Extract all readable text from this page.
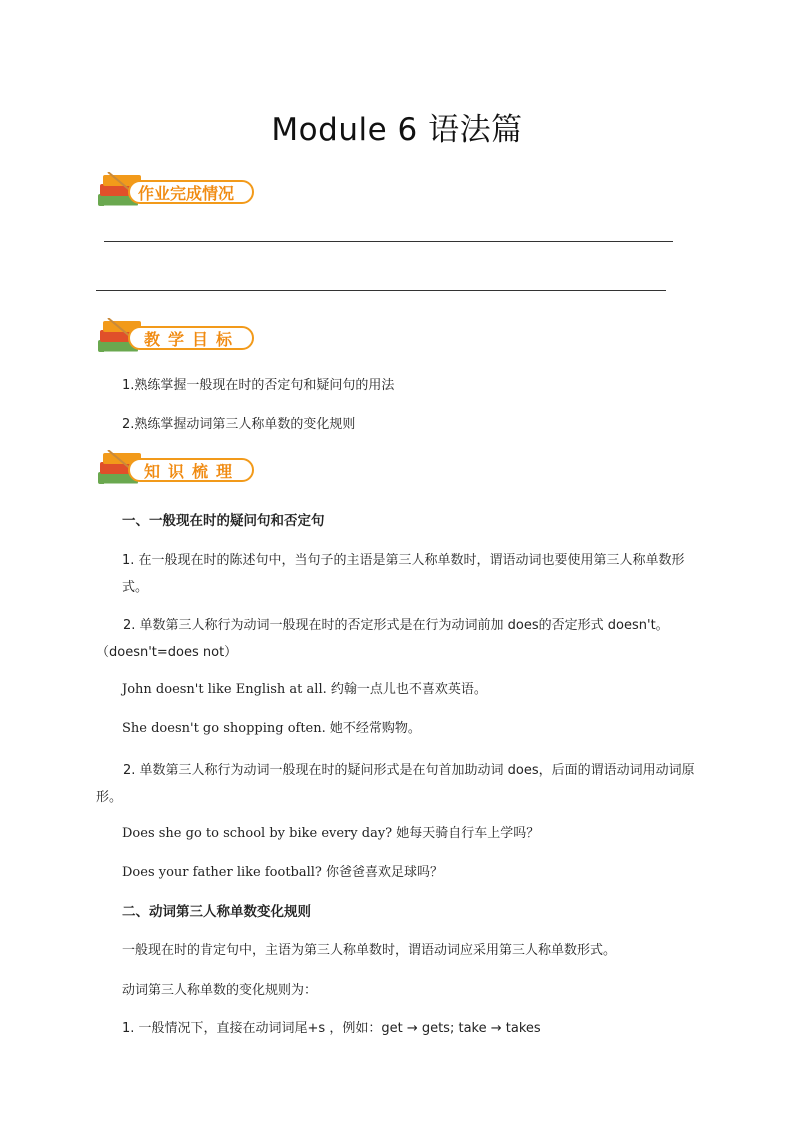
Module 6 语法篇
作业完成情况
教学目标
1.熟练掌握一般现在时的否定句和疑问句的用法
2.熟练掌握动词第三人称单数的变化规则
知识梳理
一、一般现在时的疑问句和否定句
1. 在一般现在时的陈述句中，当句子的主语是第三人称单数时，谓语动词也要使用第三人称单数形式。
2. 单数第三人称行为动词一般现在时的否定形式是在行为动词前加 does的否定形式 doesn't。（doesn't=does not）
John doesn't like English at all. 约翰一点儿也不喜欢英语。
She doesn't go shopping often. 她不经常购物。
2. 单数第三人称行为动词一般现在时的疑问形式是在句首加助动词 does，后面的谓语动词用动词原形。
Does she go to school by bike every day? 她每天骑自行车上学吗？
Does your father like football? 你爸爸喜欢足球吗？
二、动词第三人称单数变化规则
一般现在时的肯定句中，主语为第三人称单数时，谓语动词应采用第三人称单数形式。
动词第三人称单数的变化规则为：
1. 一般情况下，直接在动词词尾+s ，例如：get → gets; take → takes
